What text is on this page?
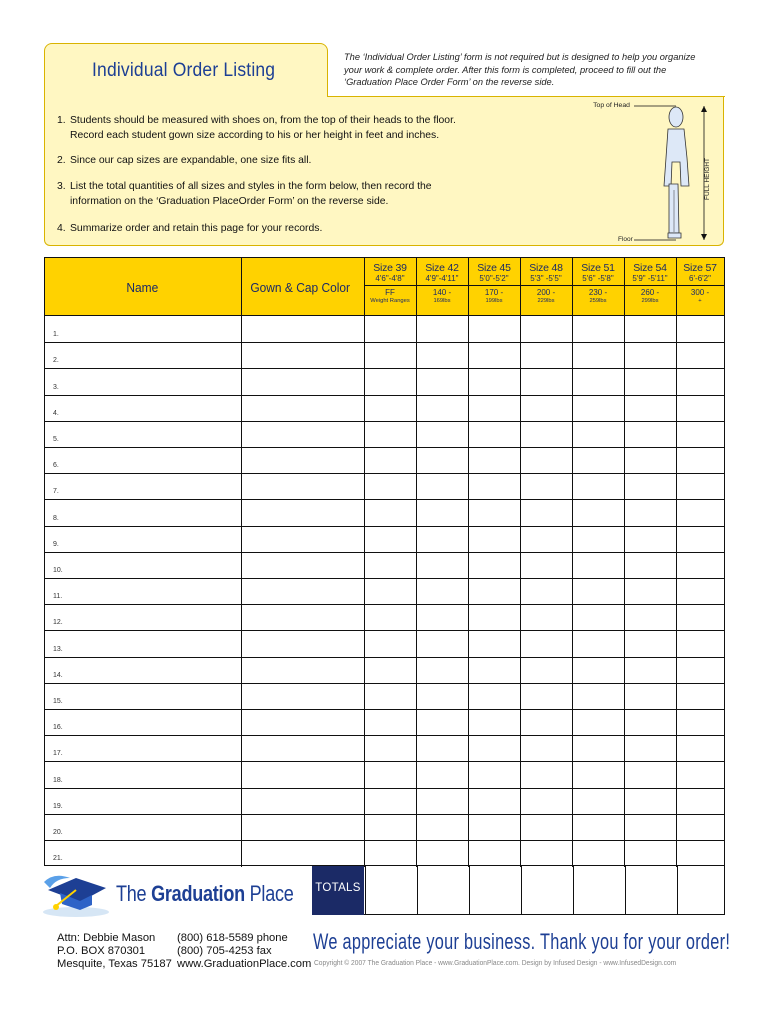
Individual Order Listing
The ‘Individual Order Listing’ form is not required but is designed to help you organize your work & complete order. After this form is completed, proceed to fill out the ‘Graduation Place Order Form’ on the reverse side.
1. Students should be measured with shoes on, from the top of their heads to the floor.
Record each student gown size according to his or her height in feet and inches.
2. Since our cap sizes are expandable, one size fits all.
3. List the total quantities of all sizes and styles in the form below, then record the
information on the ‘Graduation PlaceOrder Form’ on the reverse side.
4. Summarize order and retain this page for your records.
Top of Head
Floor
FULL HEIGHT
Name	Gown & Cap Color
Size 39
4'6"-4'8"
FF
Weight Ranges
Size 42
4'9"-4'11"
140 -
169lbs
Size 45
5'0"-5'2"
170 -
199lbs
Size 48
5'3" -5'5"
200 -
229lbs
Size 51
5'6" -5'8"
230 -
259lbs
Size 54
5'9" -5'11"
260 -
299lbs
Size 57
6'-6'2"
300 -
+
1.
2.
3.
4.
5.
6.
7.
8.
9.
10.
11.
12.
13.
14.
15.
16.
17.
18.
19.
20.
21.
TOTALS
The Graduation Place
Attn: Debbie Mason
P.O. BOX 870301
Mesquite, Texas 75187
(800) 618-5589 phone
(800) 705-4253 fax
www.GraduationPlace.com
We appreciate your business. Thank you for your order!
Copyright © 2007 The Graduation Place - www.GraduationPlace.com. Design by Infused Design - www.InfusedDesign.com
